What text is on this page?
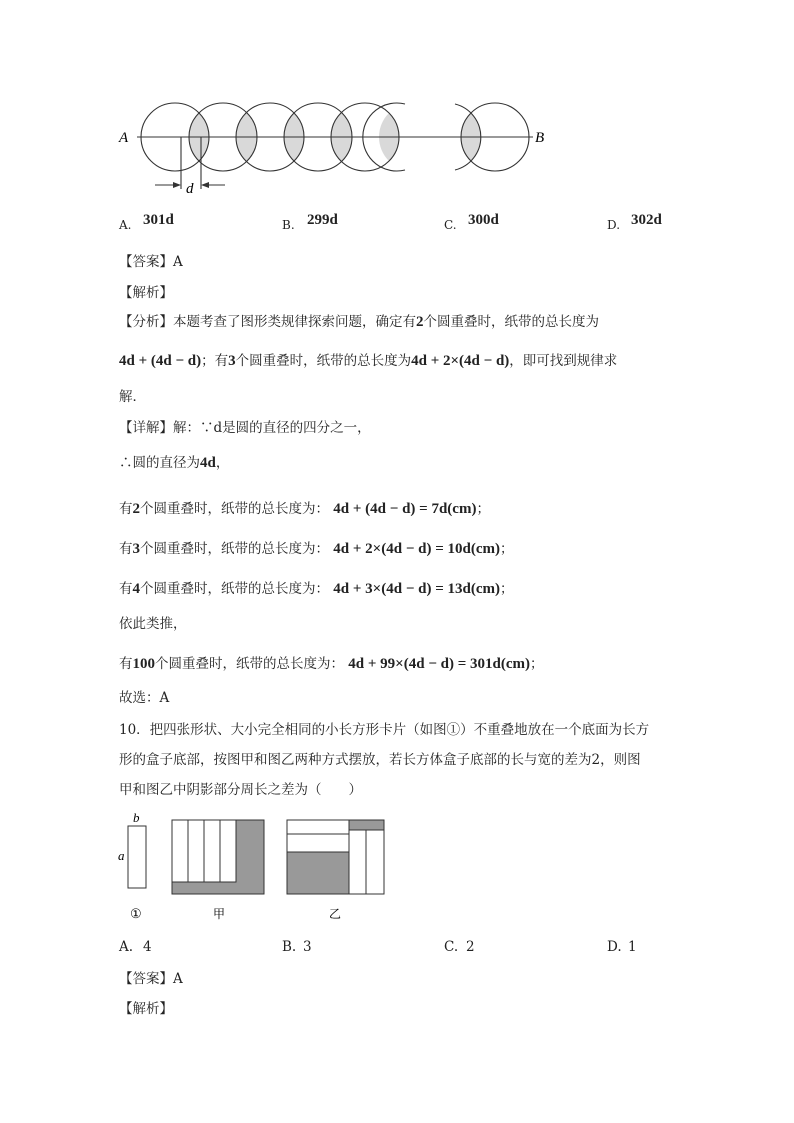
A	B
d
A. 301d	B. 299d	C. 300d	D. 302d
【答案】A
【解析】
【分析】本题考查了图形类规律探索问题，确定有2个圆重叠时，纸带的总长度为
4d + (4d − d)；有3个圆重叠时，纸带的总长度为4d + 2×(4d − d)，即可找到规律求
解．
【详解】解：∵d是圆的直径的四分之一，
∴圆的直径为4d，
有2个圆重叠时，纸带的总长度为： 4d + (4d − d) = 7d(cm)；
有3个圆重叠时，纸带的总长度为： 4d + 2×(4d − d) = 10d(cm)；
有4个圆重叠时，纸带的总长度为： 4d + 3×(4d − d) = 13d(cm)；
依此类推，
有100个圆重叠时，纸带的总长度为： 4d + 99×(4d − d) = 301d(cm)；
故选：A
10．把四张形状、大小完全相同的小长方形卡片（如图①）不重叠地放在一个底面为长方
形的盒子底部，按图甲和图乙两种方式摆放，若长方体盒子底部的长与宽的差为2，则图
甲和图乙中阴影部分周长之差为（　　）
b
a
①	甲	乙
A. 4	B. 3	C. 2	D. 1
【答案】A
【解析】
